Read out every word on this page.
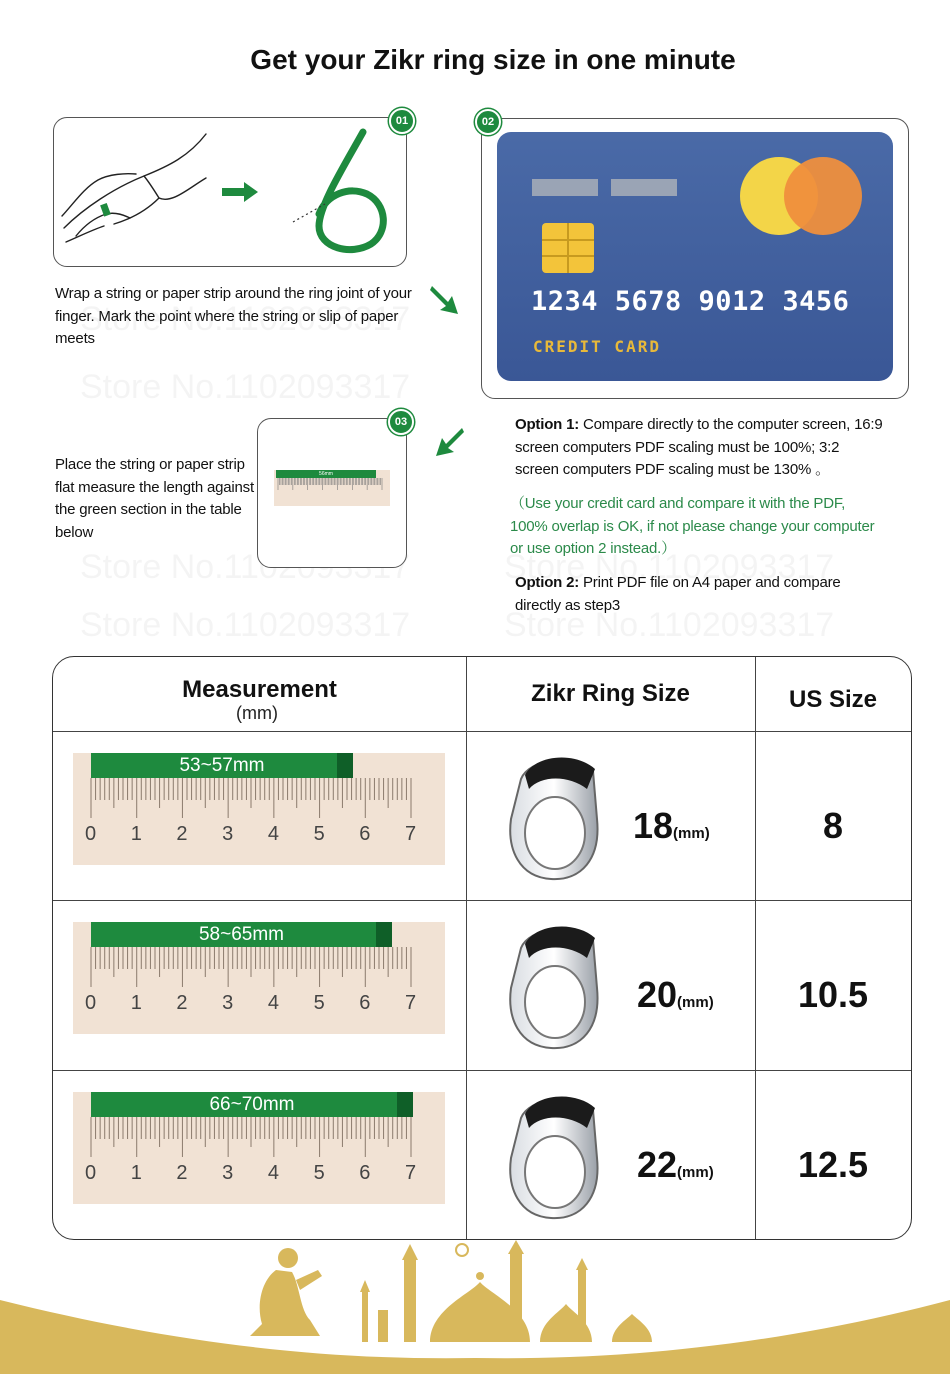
Get your Zikr ring size in one minute
01
Wrap a string or paper strip around the ring joint of your finger. Mark the point where the string or slip of paper meets
02
1234 5678 9012 3456
CREDIT CARD
56mm
03
Place the string or paper strip flat measure the length against the green section in the table below
Option 1: Compare directly to the computer screen, 16:9 screen computers PDF scaling must be 100%; 3:2 screen computers PDF scaling must be 130% 。
（Use your credit card and compare it with the PDF, 100% overlap is OK, if not please change your computer or use option 2 instead.）
Option 2: Print PDF file on A4 paper and compare directly as step3
Measurement
(mm)
Zikr Ring Size	US Size
53~57mm
0 1 2 3 4 5 6 7	18(mm)	8
58~65mm
0 1 2 3 4 5 6 7	20(mm)	10.5
66~70mm
0 1 2 3 4 5 6 7	22(mm)	12.5
